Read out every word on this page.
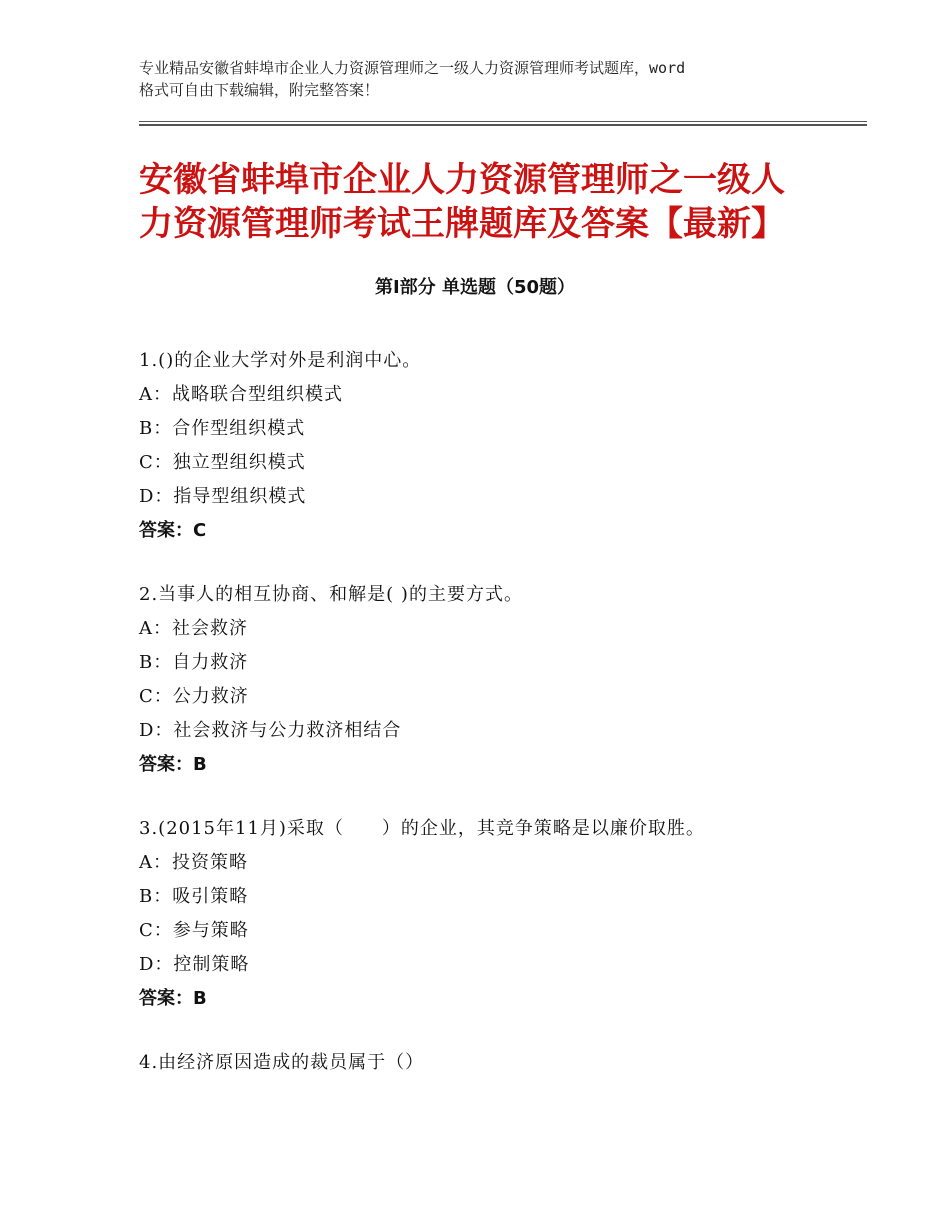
专业精品安徽省蚌埠市企业人力资源管理师之一级人力资源管理师考试题库，word
格式可自由下载编辑，附完整答案！
安徽省蚌埠市企业人力资源管理师之一级人
力资源管理师考试王牌题库及答案【最新】
第Ⅰ部分 单选题（50题）
1.()的企业大学对外是利润中心。
A：战略联合型组织模式
B：合作型组织模式
C：独立型组织模式
D：指导型组织模式
答案：C
2.当事人的相互协商、和解是( )的主要方式。
A：社会救济
B：自力救济
C：公力救济
D：社会救济与公力救济相结合
答案：B
3.(2015年11月)采取（　　）的企业，其竞争策略是以廉价取胜。
A：投资策略
B：吸引策略
C：参与策略
D：控制策略
答案：B
4.由经济原因造成的裁员属于（）
